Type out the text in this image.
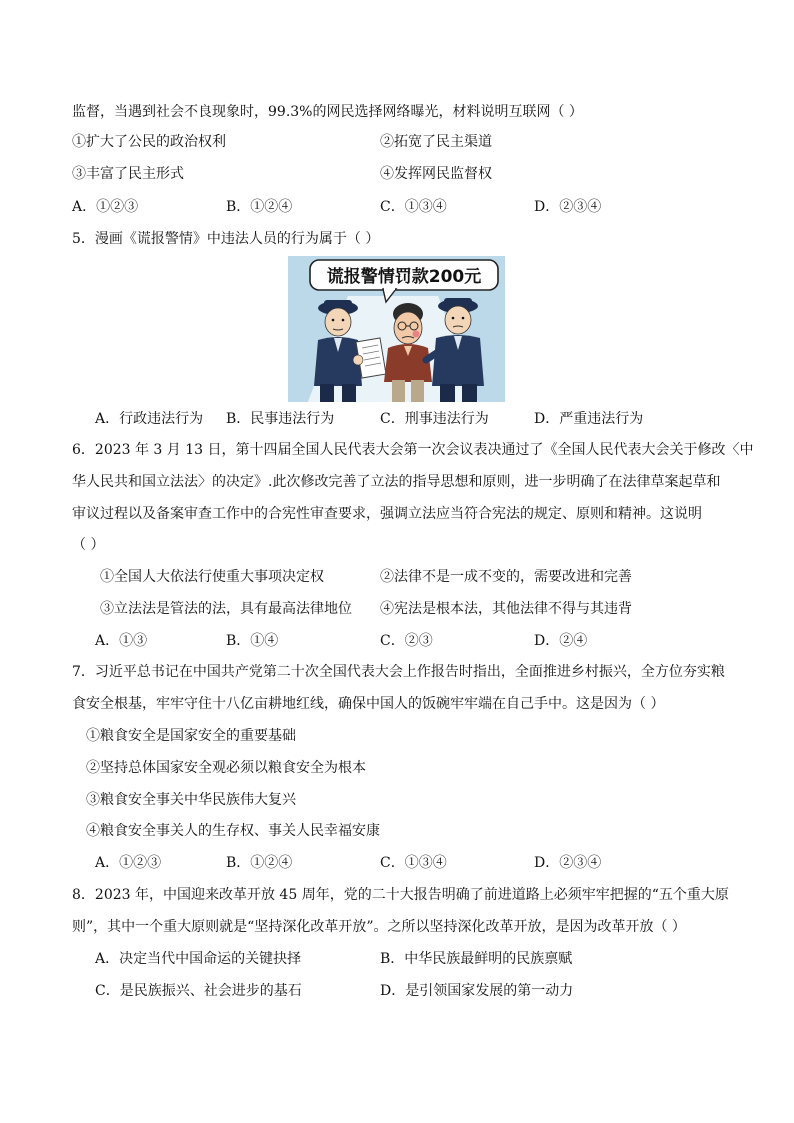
监督，当遇到社会不良现象时，99.3%的网民选择网络曝光，材料说明互联网（ ）
①扩大了公民的政治权利	②拓宽了民主渠道
③丰富了民主形式	④发挥网民监督权
A．①②③	B．①②④	C．①③④	D．②③④
5．漫画《谎报警情》中违法人员的行为属于（ ）
谎报警情罚款200元
A．行政违法行为 B．民事违法行为	C．刑事违法行为	D．严重违法行为
6．2023 年 3 月 13 日，第十四届全国人民代表大会第一次会议表决通过了《全国人民代表大会关于修改〈中
华人民共和国立法法〉的决定》.此次修改完善了立法的指导思想和原则，进一步明确了在法律草案起草和
审议过程以及备案审查工作中的合宪性审查要求，强调立法应当符合宪法的规定、原则和精神。这说明
（ ）
①全国人大依法行使重大事项决定权	②法律不是一成不变的，需要改进和完善
③立法法是管法的法，具有最高法律地位 ④宪法是根本法，其他法律不得与其违背
A．①③	B．①④	C．②③	D．②④
7．习近平总书记在中国共产党第二十次全国代表大会上作报告时指出，全面推进乡村振兴，全方位夯实粮
食安全根基，牢牢守住十八亿亩耕地红线，确保中国人的饭碗牢牢端在自己手中。这是因为（ ）
①粮食安全是国家安全的重要基础
②坚持总体国家安全观必须以粮食安全为根本
③粮食安全事关中华民族伟大复兴
④粮食安全事关人的生存权、事关人民幸福安康
A．①②③	B．①②④	C．①③④	D．②③④
8．2023 年，中国迎来改革开放 45 周年，党的二十大报告明确了前进道路上必须牢牢把握的“五个重大原
则”，其中一个重大原则就是“坚持深化改革开放”。之所以坚持深化改革开放，是因为改革开放（ ）
A．决定当代中国命运的关键抉择	B．中华民族最鲜明的民族禀赋
C．是民族振兴、社会进步的基石	D．是引领国家发展的第一动力
